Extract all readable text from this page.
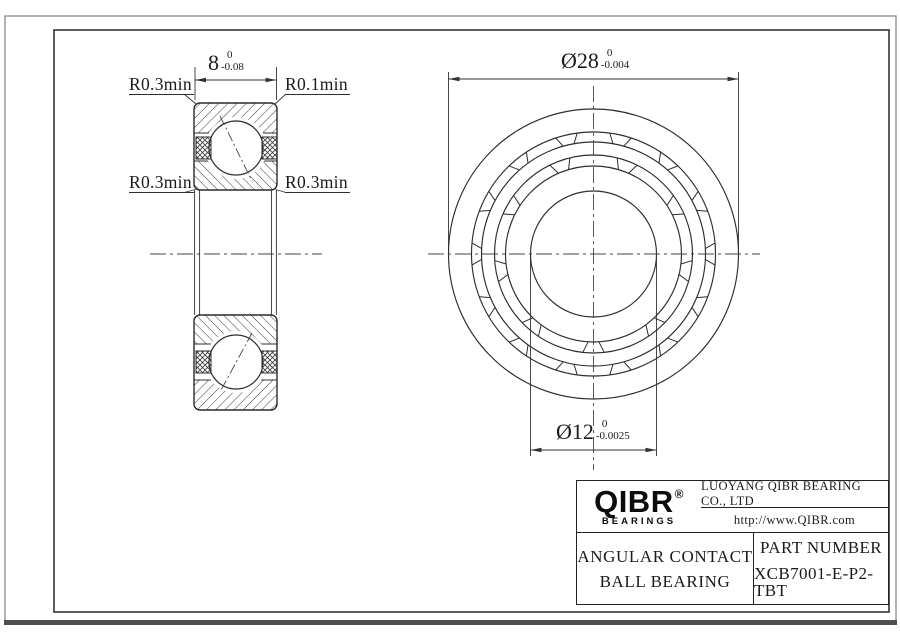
8 0
-0.08	Ø28 0
-0.004
Ø12 0
-0.0025
R0.3min	R0.1min
R0.3min	R0.3min
QIBR®
BEARINGS
LUOYANG QIBR BEARING CO., LTD
http://www.QIBR.com
ANGULAR CONTACT
BALL BEARING
PART NUMBER
XCB7001-E-P2-TBT
